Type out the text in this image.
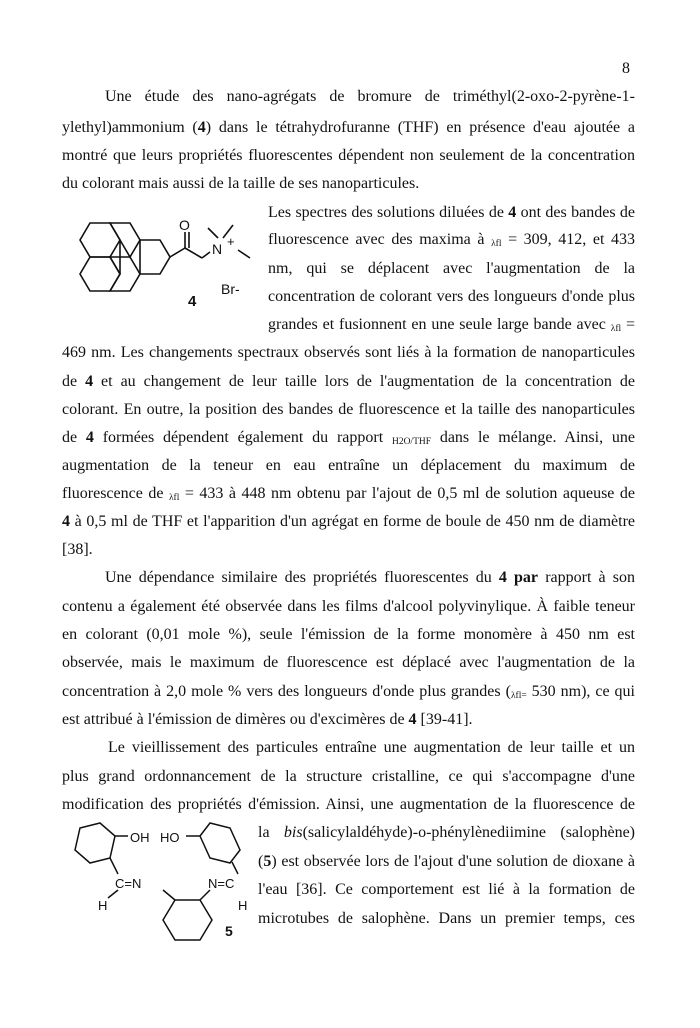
8
Une étude des nano-agrégats de bromure de triméthyl(2-oxo-2-pyrène-1-
ylethyl)ammonium (4) dans le tétrahydrofuranne (THF) en présence d'eau ajoutée a
montré que leurs propriétés fluorescentes dépendent non seulement de la concentration
du colorant mais aussi de la taille de ses nanoparticules.
Les spectres des solutions diluées de 4 ont des bandes de
fluorescence avec des maxima à $_{\lambda fl}$ = 309, 412, et 433
nm, qui se déplacent avec l'augmentation de la
concentration de colorant vers des longueurs d'onde plus
grandes et fusionnent en une seule large bande avec $_{\lambda fl}$ =
469 nm. Les changements spectraux observés sont liés à la formation de nanoparticules
de 4 et au changement de leur taille lors de l'augmentation de la concentration de
colorant. En outre, la position des bandes de fluorescence et la taille des nanoparticules
de 4 formées dépendent également du rapport $_{H2O/THF}$ dans le mélange. Ainsi, une
augmentation de la teneur en eau entraîne un déplacement du maximum de
fluorescence de $_{\lambda fl}$ = 433 à 448 nm obtenu par l'ajout de 0,5 ml de solution aqueuse de
4 à 0,5 ml de THF et l'apparition d'un agrégat en forme de boule de 450 nm de diamètre
[38].
Une dépendance similaire des propriétés fluorescentes du 4 par rapport à son
contenu a également été observée dans les films d'alcool polyvinylique. À faible teneur
en colorant (0,01 mole %), seule l'émission de la forme monomère à 450 nm est
observée, mais le maximum de fluorescence est déplacé avec l'augmentation de la
concentration à 2,0 mole % vers des longueurs d'onde plus grandes ($_{\lambda fl=}$ 530 nm), ce qui
est attribué à l'émission de dimères ou d'excimères de 4 [39-41].
Le vieillissement des particules entraîne une augmentation de leur taille et un
plus grand ordonnancement de la structure cristalline, ce qui s'accompagne d'une
modification des propriétés d'émission. Ainsi, une augmentation de la fluorescence de
la bis(salicylaldéhyde)-o-phénylènediimine (salophène)
(5) est observée lors de l'ajout d'une solution de dioxane à
l'eau [36]. Ce comportement est lié à la formation de
microtubes de salophène. Dans un premier temps, ces
O
N +
Br-
4
OH HO
C=N	N=C
H	H
5
